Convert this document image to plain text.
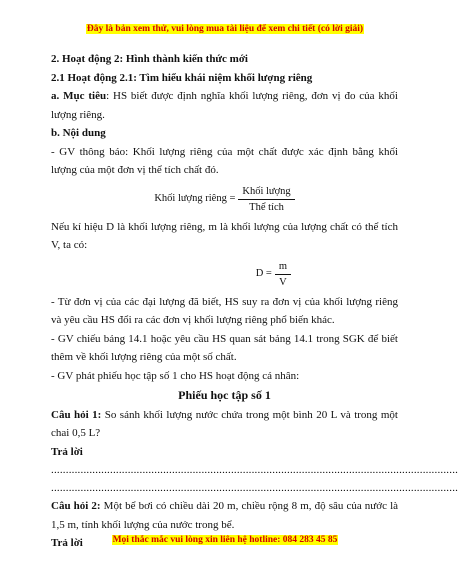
Đây là bản xem thử, vui lòng mua tài liệu để xem chi tiết (có lời giải)

2. Hoạt động 2: Hình thành kiến thức mới

2.1 Hoạt động 2.1: Tìm hiểu khái niệm khối lượng riêng

a. Mục tiêu: HS biết được định nghĩa khối lượng riêng, đơn vị đo của khối lượng riêng.

b. Nội dung

- GV thông báo: Khối lượng riêng của một chất được xác định bằng khối lượng của một đơn vị thể tích chất đó.

Khối lượng riêng = $\frac{\text{Khối lượng}}{\text{Thể tích}}$

Nếu kí hiệu D là khối lượng riêng, m là khối lượng của lượng chất có thể tích V, ta có:

$D = \frac{m}{V}$

- Từ đơn vị của các đại lượng đã biết, HS suy ra đơn vị của khối lượng riêng và yêu cầu HS đổi ra các đơn vị khối lượng riêng phổ biến khác.

- GV chiếu bảng 14.1 hoặc yêu cầu HS quan sát bảng 14.1 trong SGK để biết thêm về khối lượng riêng của một số chất.

- GV phát phiếu học tập số 1 cho HS hoạt động cá nhân:

Phiếu học tập số 1

Câu hỏi 1: So sánh khối lượng nước chứa trong một bình 20 L và trong một chai 0,5 L?

Trả lời

..........................................................................................................................................

..........................................................................................................................................

Câu hỏi 2: Một bể bơi có chiều dài 20 m, chiều rộng 8 m, độ sâu của nước là 1,5 m, tính khối lượng của nước trong bể.

Trả lời	Mọi thắc mắc vui lòng xin liên hệ hotline: 084 283 45 85
